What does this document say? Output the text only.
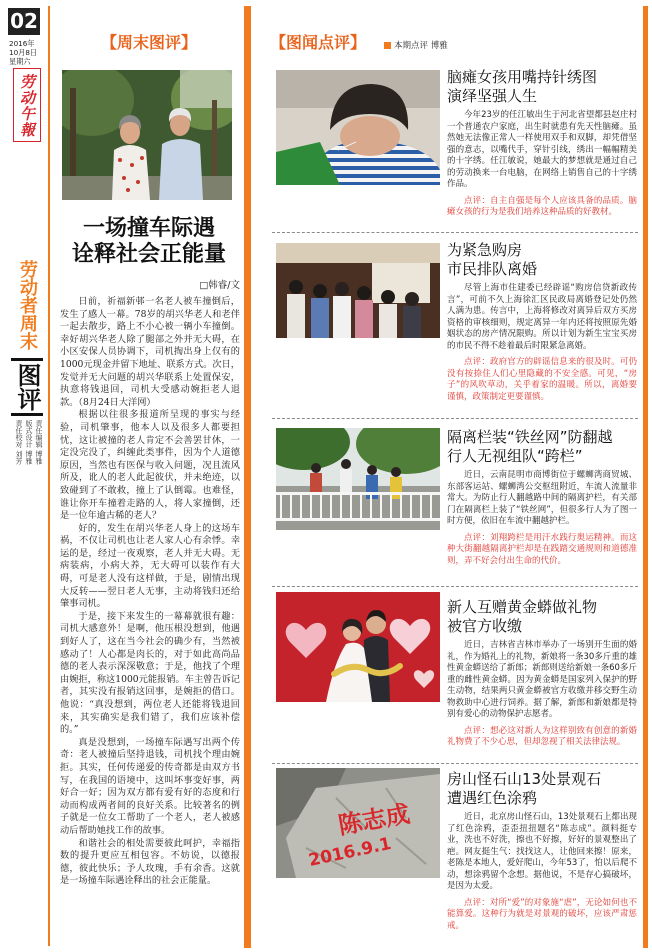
02
2016年
10月8日
星期六
劳动午報
劳动者周末
图评
责任编辑 博雅
版式设计 博雅
责任校对 刘芳
【周末图评】
一场撞车际遇
诠释社会正能量
□韩睿/文

日前，祈福新邨一名老人被车撞倒后，发生了感人一幕。78岁的胡兴华老人和老伴一起去散步，路上不小心被一辆小车撞倒。幸好胡兴华老人除了腿部之外并无大碍，在小区安保人员协调下，司机掏出身上仅有的1000元现金并留下地址、联系方式。次日，发觉并无大问题的胡兴华联系上处置保安，执意将钱退回，司机大受感动婉拒老人退款。（8月24日大洋网）

根据以往很多报道所呈现的事实与经验，司机肇事，他本人以及很多人都要担忧，这让被撞的老人肯定不会善罢甘休，一定没完没了，纠缠此类事件，因为个人道德原因，当然也有医保与收入问题，况且流风所及，讹人的老人此起彼伏，并未绝迹，以致碰到了不敢救，撞上了认倒霉。也难怪，谁让你开车撞着走路的人，将人家撞倒，还是一位年逾古稀的老人？

好的，发生在胡兴华老人身上的这场车祸，不仅让司机也让老人家人心有余悸。幸运的是，经过一夜观察，老人并无大碍。无病装病，小病大养，无大碍可以装作有大碍，可是老人没有这样做，于是，剧情出现大反转——翌日老人无事，主动将钱归还给肇事司机。

于是，接下来发生的一幕幕就很有趣：司机大感意外！是啊，他压根没想到，他遇到好人了，这在当今社会的确少有，当然被感动了！人心都是肉长的，对于如此高尚品德的老人表示深深敬意；于是，他找了个理由婉拒，称这1000元能报销。车主曾告诉记者，其实没有报销这回事，是婉拒的借口。他说：“真没想到，两位老人还能将钱退回来，其实确实是我们错了，我们应该补偿的。”

真是没想到，一场撞车际遇写出两个传奇：老人被撞后坚持退钱，司机找个理由婉拒。其实，任何传递爱的传奇都是由双方书写，在我国的语境中，这叫坏事变好事，两好合一好；因为双方都有爱有好的态度和行动而构成两者间的良好关系。比较著名的例子就是一位女工帮助了一个老人，老人被感动后帮助她找工作的故事。

和谐社会的相处需要彼此呵护，幸福指数的提升更应互相包容。不妨说，以德报德，彼此快乐；予人玫瑰，手有余香。这就是一场撞车际遇诠释出的社会正能量。

【图闻点评】	本期点评 博雅
脑瘫女孩用嘴持针绣图
演绎坚强人生

今年23岁的任江敏出生于河北省望都县赵庄村一个普通农户家庭，出生时就患有先天性脑瘫。虽然她无法像正常人一样使用双手和双脚，却凭借坚强的意志，以嘴代手，穿针引线，绣出一幅幅精美的十字绣。任江敏说，她最大的梦想就是通过自己的劳动换来一台电脑，在网络上销售自己的十字绣作品。

点评：自主自强是每个人应该具备的品质。脑瘫女孩的行为是我们培养这种品质的好教材。

为紧急购房
市民排队离婚

尽管上海市住建委已经辟谣“购房信贷新政传言”，可前不久上海徐汇区民政局离婚登记处仍然人满为患。传言中，上海将修改对离异后双方买房资格的审核细则，规定离异一年内还将按照原先婚姻状态的房产情况限购。所以计划为新生宝宝买房的市民不得不趁着最后时限紧急离婚。

点评：政府官方的辟谣信息来的很及时。可仍没有按捺住人们心里隐藏的不安全感。可见，“房子”的风吹草动，关乎着家的温暖。所以，离婚要谨慎，政策制定更要谨慎。

隔离栏装“铁丝网”防翻越
行人无视组队“跨栏”

近日，云南昆明市商博街位于螺蛳湾商贸城、东部客运站、螺蛳湾公交枢纽附近，车流人流量非常大。为防止行人翻越路中间的隔离护栏，有关部门在隔离栏上装了“铁丝网”，但很多行人为了图一时方便，依旧在车流中翻越护栏。

点评：刘翔跨栏是用汗水践行奥运精神。而这种大街翻越隔离护栏却是在践踏交通规则和道德准则，弄不好会付出生命的代价。

新人互赠黄金蟒做礼物
被官方收缴

近日，吉林省吉林市举办了一场别开生面的婚礼，作为婚礼上的礼物，新娘将一条30多斤重的雄性黄金蟒送给了新郎；新郎则送给新娘一条60多斤重的雌性黄金蟒。因为黄金蟒是国家列入保护的野生动物，结果两只黄金蟒被官方收缴并移交野生动物救助中心进行饲养。据了解，新郎和新娘都是特别有爱心的动物保护志愿者。

点评：想必这对新人为这样别致有创意的新婚礼物费了不少心思，但却忽视了相关法律法规。

陈志成
2016.9.1
房山怪石山13处景观石
遭遇红色涂鸦

近日，北京房山怪石山，13处景观石上都出现了红色涂鸦，歪歪扭扭题名“陈志成”。颜料挺专业，洗也不好洗，擦也不好擦，好好的景观整出了疤。网友挺生气：找找这人，让他回来擦！原来，老陈是本地人，爱好爬山，今年53了，怕以后爬不动，想涂鸦留个念想。据他说，不是存心搞破坏，是因为太爱。

点评：对所“爱”的对象施“虐”，无论如何也不能算爱。这种行为就是对景观的破坏，应该严肃惩戒。
